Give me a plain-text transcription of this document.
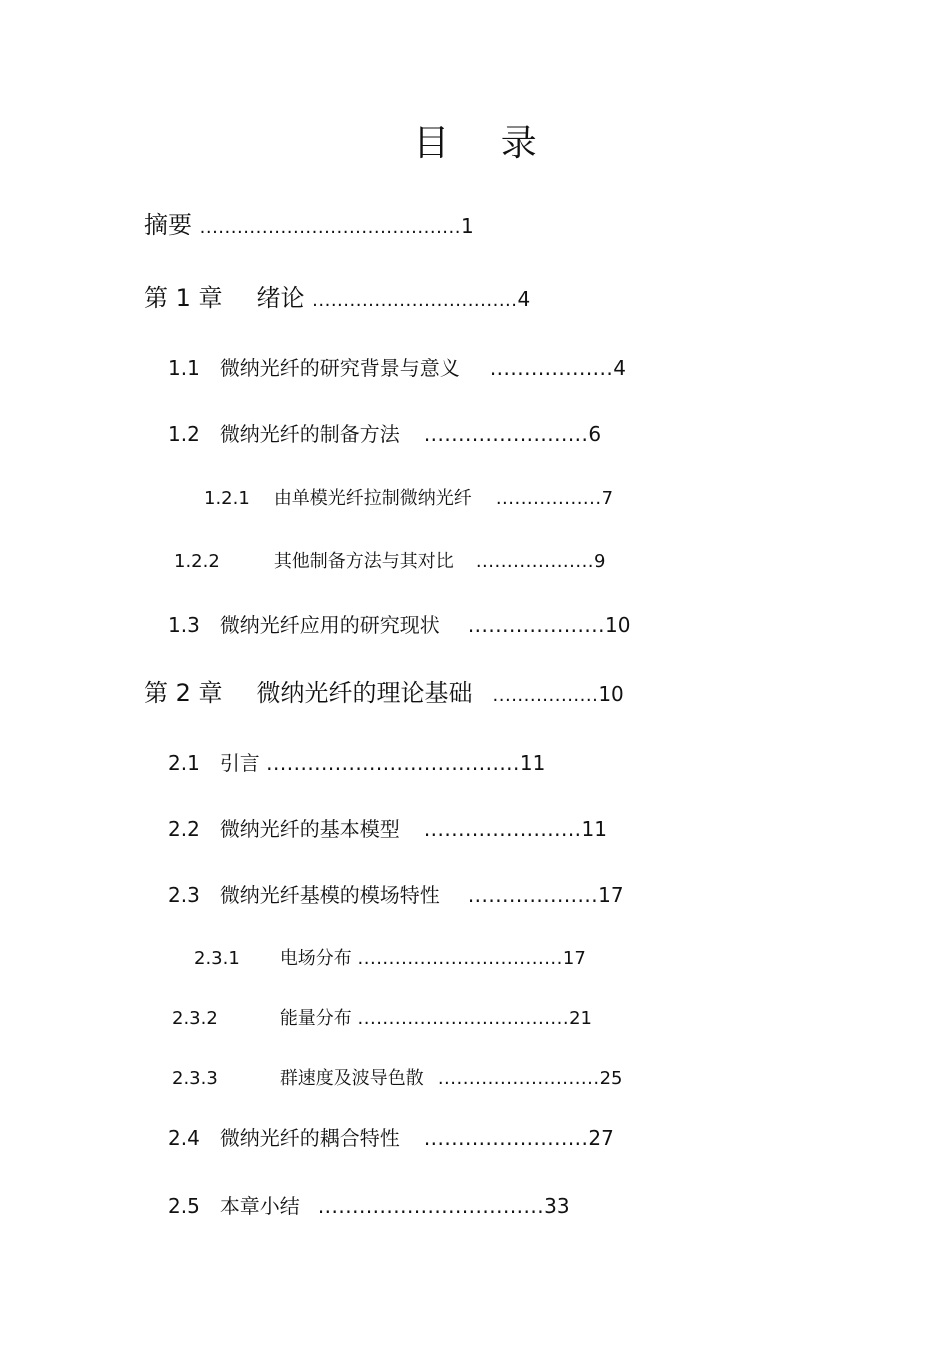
目 录
摘要 ..........................................1
第 1 章 绪论 .................................4
1.1 微纳光纤的研究背景与意义 ..................4
1.2 微纳光纤的制备方法 ........................6
1.2.1 由单模光纤拉制微纳光纤 .................7
1.2.2	其他制备方法与其对比 ...................9
1.3 微纳光纤应用的研究现状 ....................10
第 2 章 微纳光纤的理论基础 .................10
2.1 引言 .....................................11
2.2 微纳光纤的基本模型 .......................11
2.3 微纳光纤基模的模场特性 ...................17
2.3.1 电场分布 .................................17
2.3.2	能量分布 ..................................21
2.3.3	群速度及波导色散 ..........................25
2.4 微纳光纤的耦合特性 ........................27
2.5 本章小结 .................................33
